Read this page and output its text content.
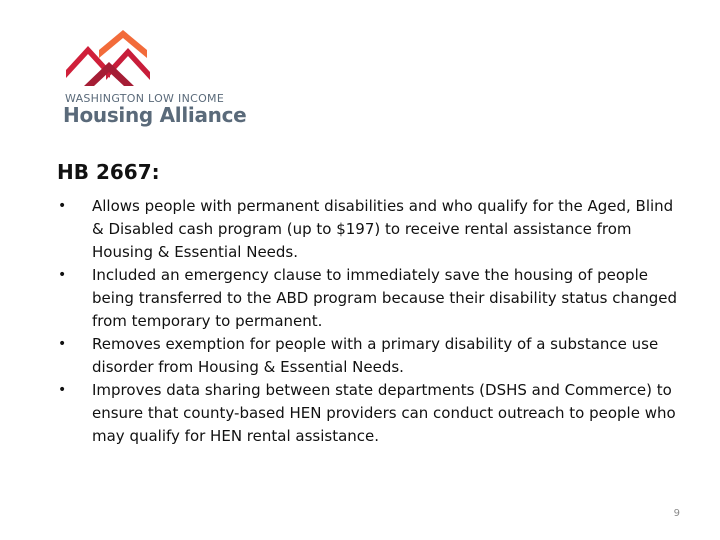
WASHINGTON LOW INCOME
Housing Alliance
HB 2667:
• Allows people with permanent disabilities and who qualify for the Aged, Blind & Disabled cash program (up to $197) to receive rental assistance from Housing & Essential Needs.
• Included an emergency clause to immediately save the housing of people being transferred to the ABD program because their disability status changed from temporary to permanent.
• Removes exemption for people with a primary disability of a substance use disorder from Housing & Essential Needs.
• Improves data sharing between state departments (DSHS and Commerce) to ensure that county-based HEN providers can conduct outreach to people who may qualify for HEN rental assistance.
9
